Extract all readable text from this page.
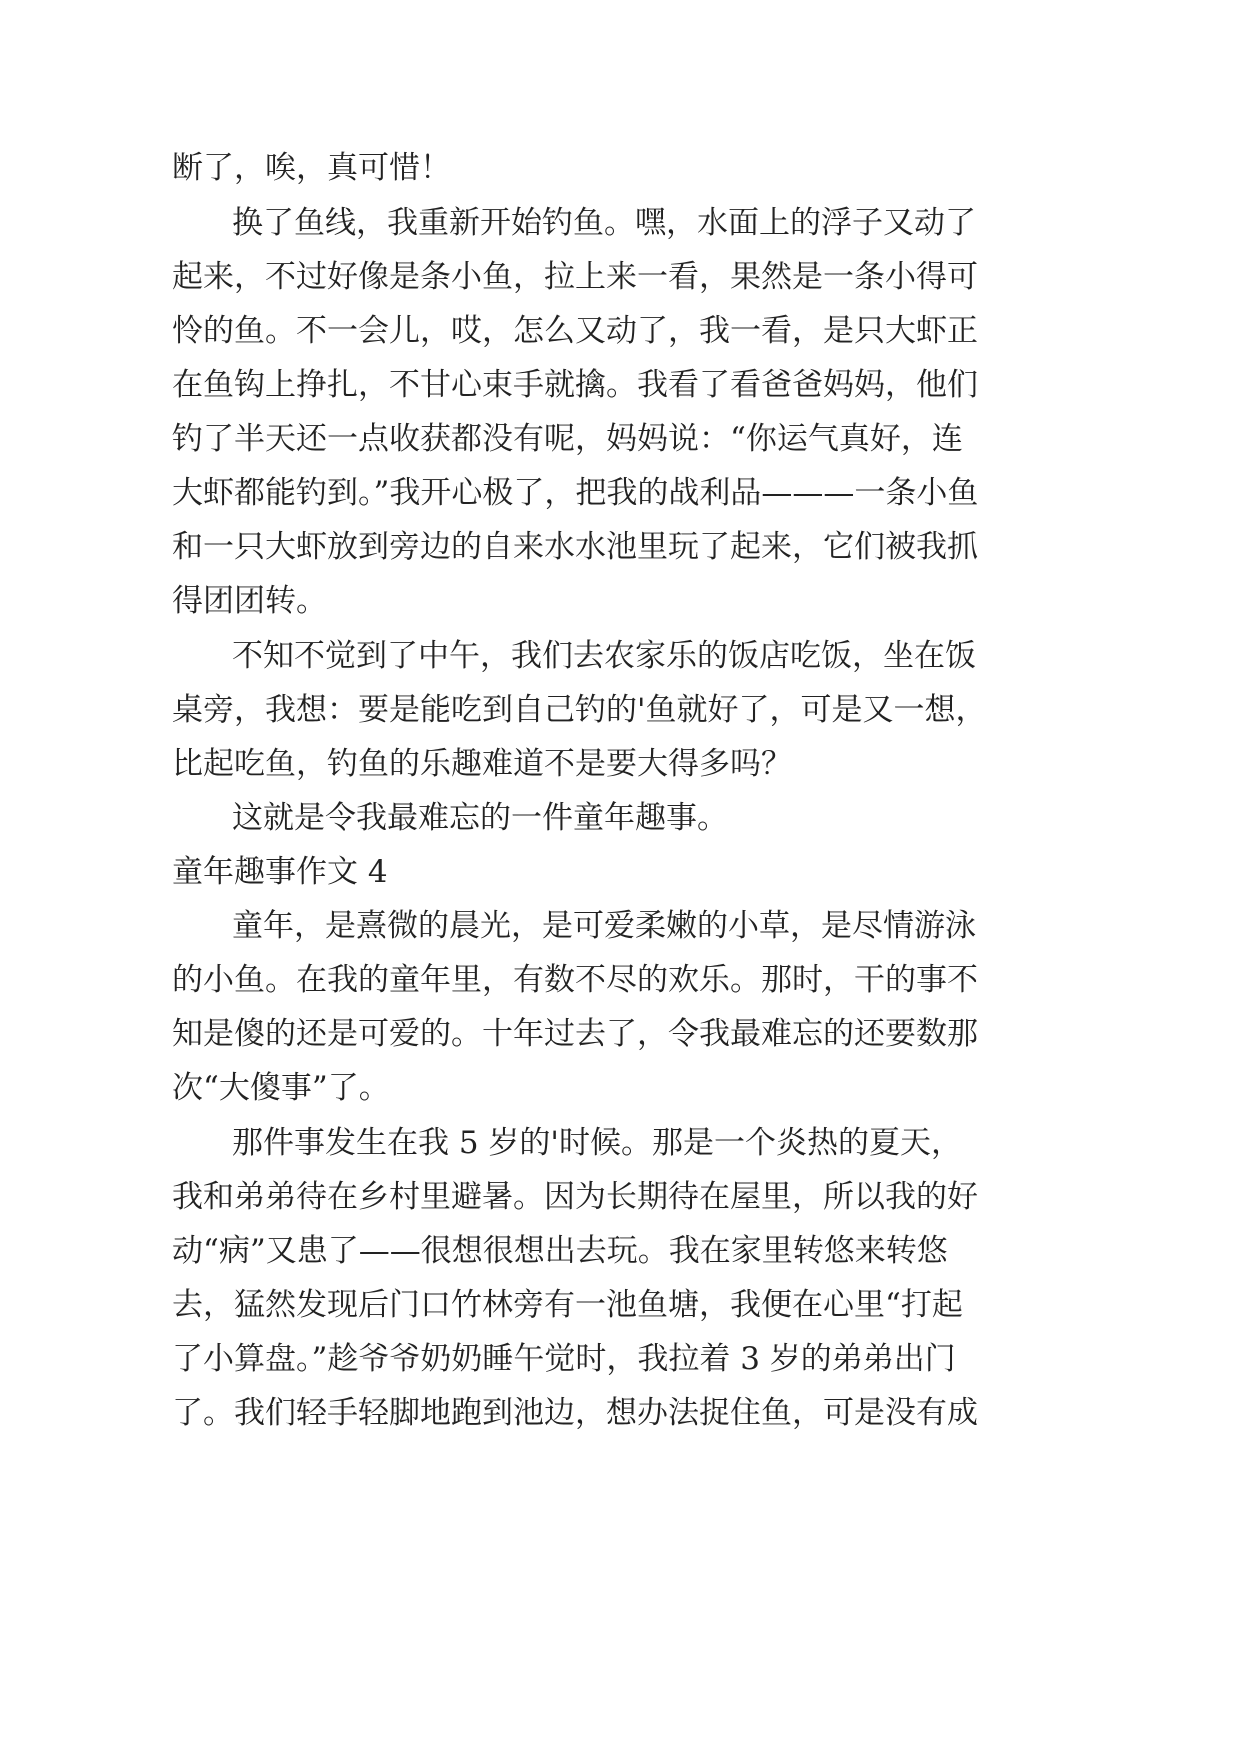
断了，唉，真可惜！
换了鱼线，我重新开始钓鱼。嘿，水面上的浮子又动了
起来，不过好像是条小鱼，拉上来一看，果然是一条小得可
怜的鱼。不一会儿，哎，怎么又动了，我一看，是只大虾正
在鱼钩上挣扎，不甘心束手就擒。我看了看爸爸妈妈，他们
钓了半天还一点收获都没有呢，妈妈说：“你运气真好，连
大虾都能钓到。”我开心极了，把我的战利品———一条小鱼
和一只大虾放到旁边的自来水水池里玩了起来，它们被我抓
得团团转。
不知不觉到了中午，我们去农家乐的饭店吃饭，坐在饭
桌旁，我想：要是能吃到自己钓的'鱼就好了，可是又一想，
比起吃鱼，钓鱼的乐趣难道不是要大得多吗？
这就是令我最难忘的一件童年趣事。
童年趣事作文 4
童年，是熹微的晨光，是可爱柔嫩的小草，是尽情游泳
的小鱼。在我的童年里，有数不尽的欢乐。那时，干的事不
知是傻的还是可爱的。十年过去了，令我最难忘的还要数那
次“大傻事”了。
那件事发生在我 5 岁的'时候。那是一个炎热的夏天，
我和弟弟待在乡村里避暑。因为长期待在屋里，所以我的好
动“病”又患了——很想很想出去玩。我在家里转悠来转悠
去，猛然发现后门口竹林旁有一池鱼塘，我便在心里“打起
了小算盘。”趁爷爷奶奶睡午觉时，我拉着 3 岁的弟弟出门
了。我们轻手轻脚地跑到池边，想办法捉住鱼，可是没有成
